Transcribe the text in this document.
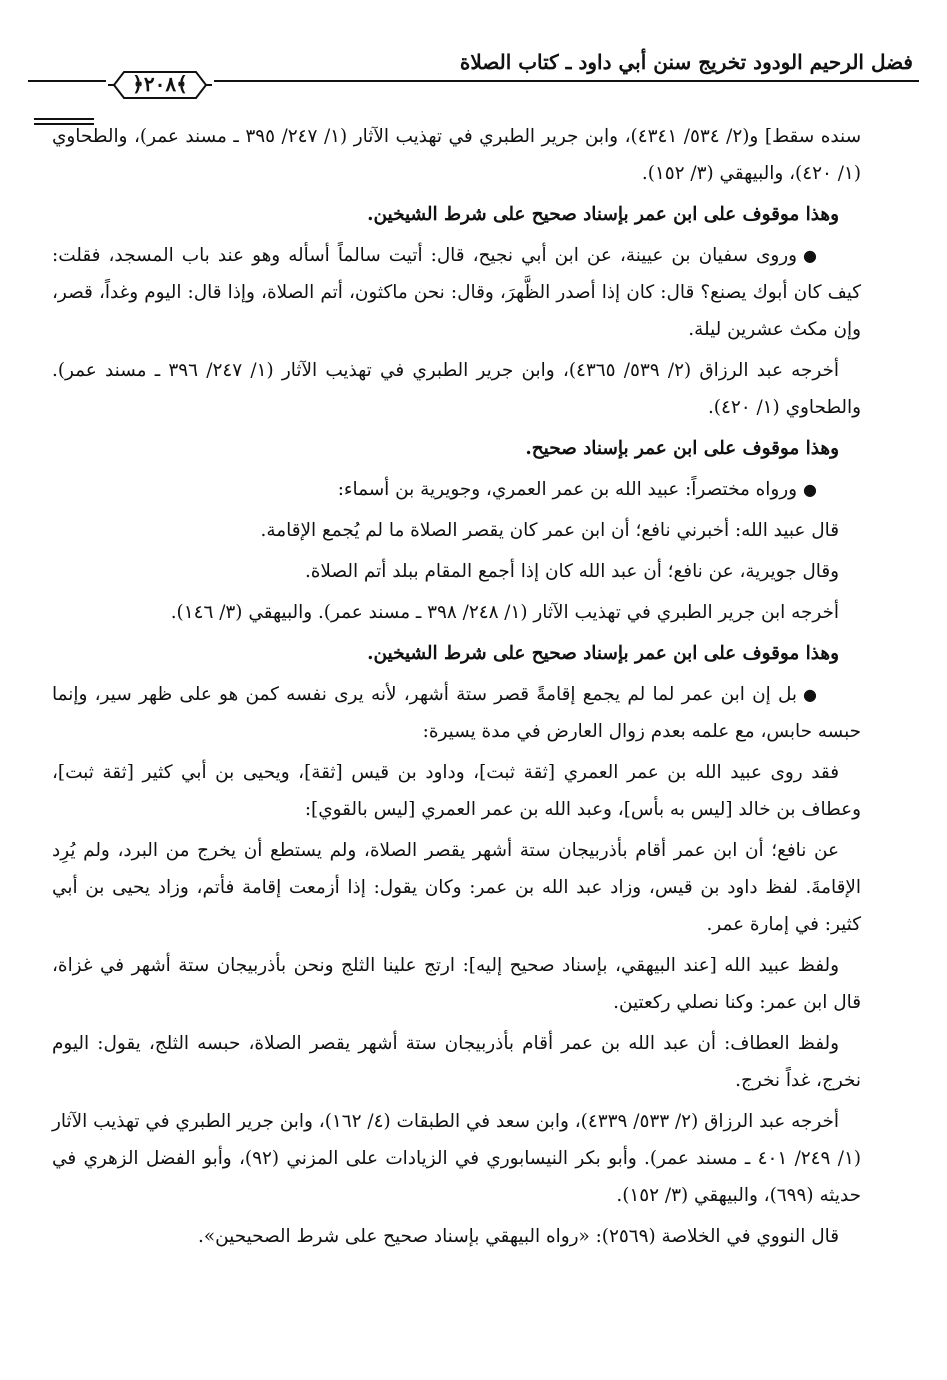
فضل الرحيم الودود تخريج سنن أبي داود ـ كتاب الصلاة
﴿٢٠٨﴾

سنده سقط] و(٢/ ٥٣٤/ ٤٣٤١)، وابن جرير الطبري في تهذيب الآثار (١/ ٢٤٧/ ٣٩٥ ـ مسند عمر)، والطحاوي (١/ ٤٢٠)، والبيهقي (٣/ ١٥٢).

وهذا موقوف على ابن عمر بإسناد صحيح على شرط الشيخين.

●وروى سفيان بن عيينة، عن ابن أبي نجيح، قال: أتيت سالماً أسأله وهو عند باب المسجد، فقلت: كيف كان أبوك يصنع؟ قال: كان إذا أصدر الظَّهرَ، وقال: نحن ماكثون، أتم الصلاة، وإذا قال: اليوم وغداً، قصر، وإن مكث عشرين ليلة.

أخرجه عبد الرزاق (٢/ ٥٣٩/ ٤٣٦٥)، وابن جرير الطبري في تهذيب الآثار (١/ ٢٤٧/ ٣٩٦ ـ مسند عمر). والطحاوي (١/ ٤٢٠).

وهذا موقوف على ابن عمر بإسناد صحيح.

●ورواه مختصراً: عبيد الله بن عمر العمري، وجويرية بن أسماء:

قال عبيد الله: أخبرني نافع؛ أن ابن عمر كان يقصر الصلاة ما لم يُجمع الإقامة.

وقال جويرية، عن نافع؛ أن عبد الله كان إذا أجمع المقام ببلد أتم الصلاة.

أخرجه ابن جرير الطبري في تهذيب الآثار (١/ ٢٤٨/ ٣٩٨ ـ مسند عمر). والبيهقي (٣/ ١٤٦).

وهذا موقوف على ابن عمر بإسناد صحيح على شرط الشيخين.

●بل إن ابن عمر لما لم يجمع إقامةً قصر ستة أشهر، لأنه يرى نفسه كمن هو على ظهر سير، وإنما حبسه حابس، مع علمه بعدم زوال العارض في مدة يسيرة:

فقد روى عبيد الله بن عمر العمري [ثقة ثبت]، وداود بن قيس [ثقة]، ويحيى بن أبي كثير [ثقة ثبت]، وعطاف بن خالد [ليس به بأس]، وعبد الله بن عمر العمري [ليس بالقوي]:

عن نافع؛ أن ابن عمر أقام بأذربيجان ستة أشهر يقصر الصلاة، ولم يستطع أن يخرج من البرد، ولم يُرِد الإقامةَ. لفظ داود بن قيس، وزاد عبد الله بن عمر: وكان يقول: إذا أزمعت إقامة فأتم، وزاد يحيى بن أبي كثير: في إمارة عمر.

ولفظ عبيد الله [عند البيهقي، بإسناد صحيح إليه]: ارتج علينا الثلج ونحن بأذربيجان ستة أشهر في غزاة، قال ابن عمر: وكنا نصلي ركعتين.

ولفظ العطاف: أن عبد الله بن عمر أقام بأذربيجان ستة أشهر يقصر الصلاة، حبسه الثلج، يقول: اليوم نخرج، غداً نخرج.

أخرجه عبد الرزاق (٢/ ٥٣٣/ ٤٣٣٩)، وابن سعد في الطبقات (٤/ ١٦٢)، وابن جرير الطبري في تهذيب الآثار (١/ ٢٤٩/ ٤٠١ ـ مسند عمر). وأبو بكر النيسابوري في الزيادات على المزني (٩٢)، وأبو الفضل الزهري في حديثه (٦٩٩)، والبيهقي (٣/ ١٥٢).

قال النووي في الخلاصة (٢٥٦٩): «رواه البيهقي بإسناد صحيح على شرط الصحيحين».
